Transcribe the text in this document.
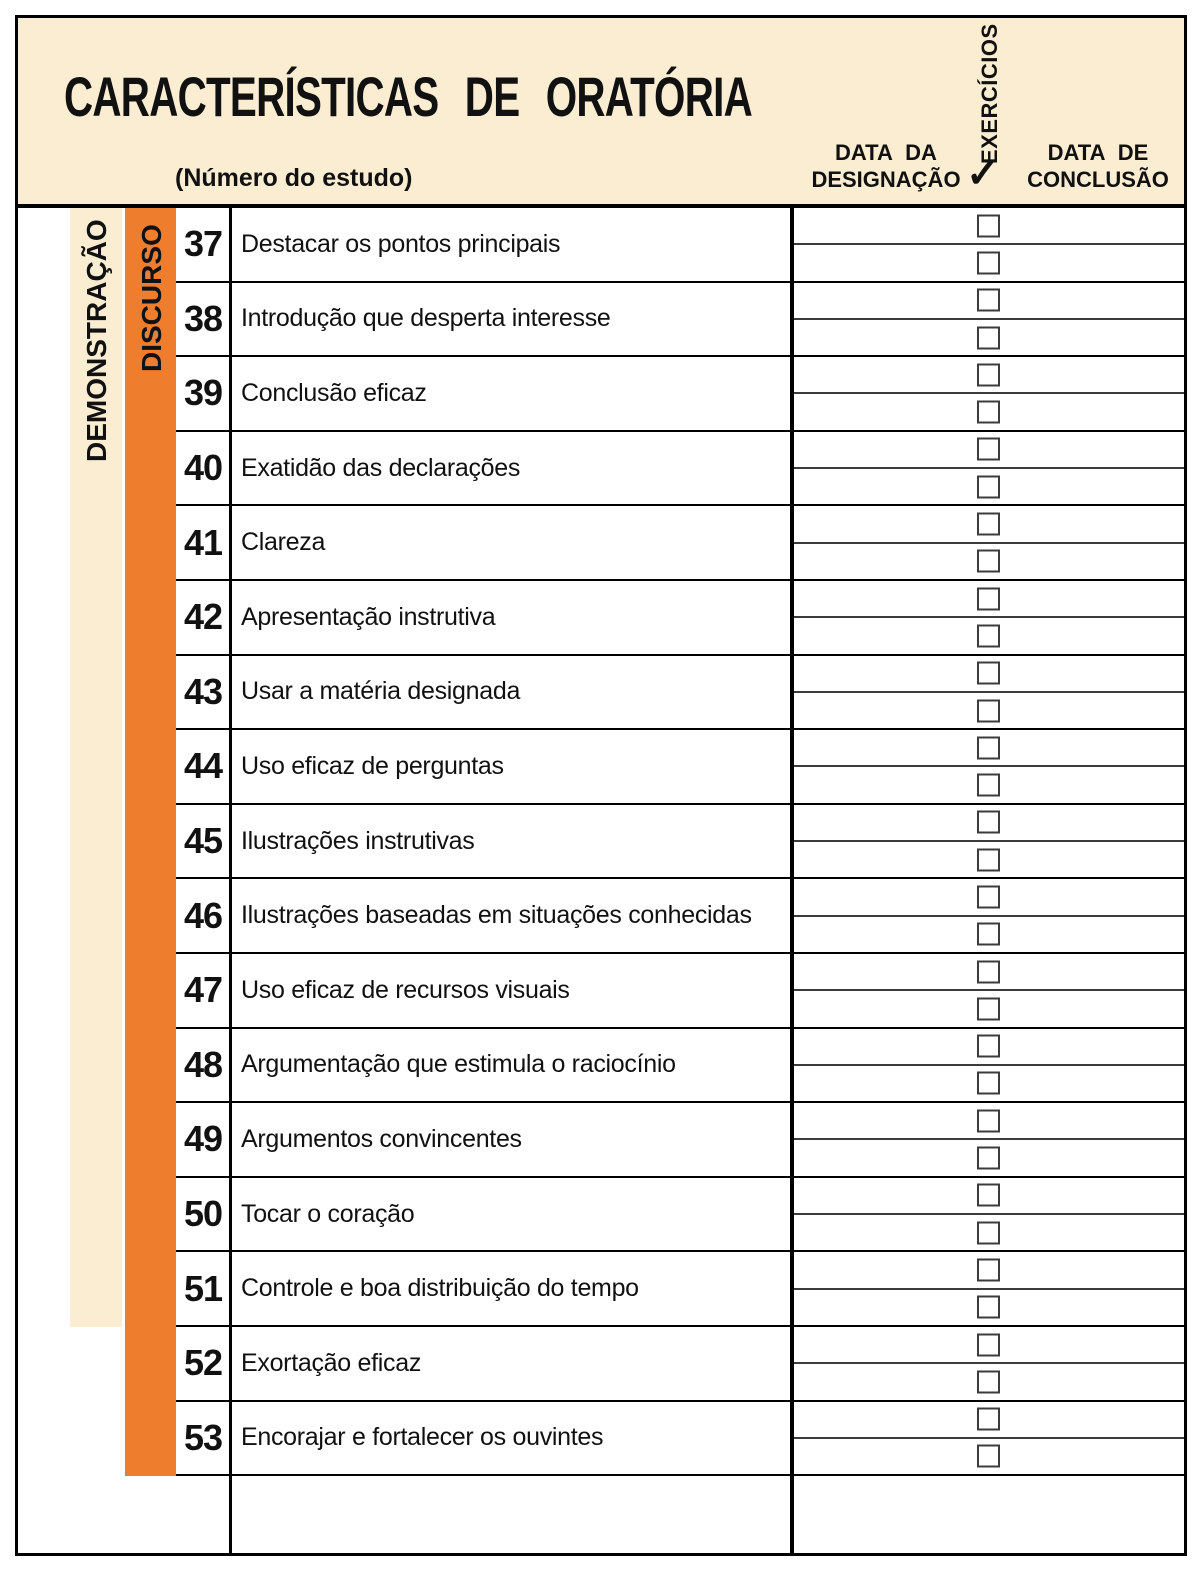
CARACTERÍSTICAS DE ORATÓRIA
(Número do estudo)
DATA DA
DESIGNAÇÃO
EXERCÍCIOS
✓	DATA DE
CONCLUSÃO
DEMONSTRAÇÃO DISCURSO 37 Destacar os pontos principais
38 Introdução que desperta interesse
39 Conclusão eficaz
40 Exatidão das declarações
41 Clareza
42 Apresentação instrutiva
43 Usar a matéria designada
44 Uso eficaz de perguntas
45 Ilustrações instrutivas
46 Ilustrações baseadas em situações conhecidas
47 Uso eficaz de recursos visuais
48 Argumentação que estimula o raciocínio
49 Argumentos convincentes
50 Tocar o coração
51 Controle e boa distribuição do tempo
52 Exortação eficaz
53 Encorajar e fortalecer os ouvintes
